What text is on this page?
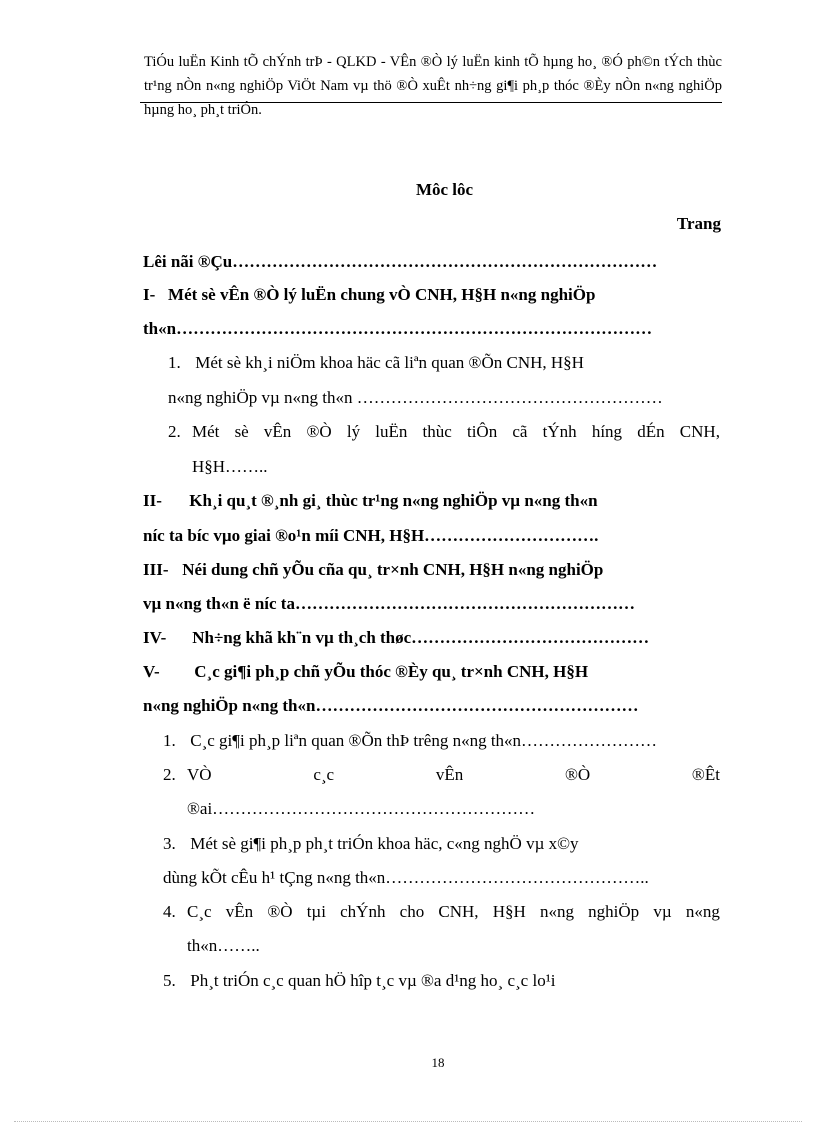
TiÓu luËn Kinh tÕ chÝnh trÞ - QLKD - VÊn ®Ò lý luËn kinh tÕ hµng ho¸ ®Ó ph©n tÝch thùc tr¹ng nÒn n«ng nghiÖp ViÖt Nam vµ thö ®Ò xuÊt nh÷ng gi¶i ph¸p thóc ®Èy nÒn n«ng nghiÖp hµng ho¸ ph¸t triÓn.
Môc lôc
Trang
Lêi nãi ®Çu…………………………………………………………………
I- Mét sè vÊn ®Ò lý luËn chung vÒ CNH, H§H n«ng nghiÖp
th«n…………………………………………………………………………
1. Mét sè kh¸i niÖm khoa häc cã liªn quan ®Õn CNH, H§H
n«ng nghiÖp vµ n«ng th«n ………………………………………………
2. Mét sè vÊn ®Ò lý luËn thùc tiÔn cã tÝnh híng dÉn CNH,
H§H……..
II- Kh¸i qu¸t ®¸nh gi¸ thùc tr¹ng n«ng nghiÖp vµ n«ng th«n
níc ta bíc vµo giai ®o¹n míi CNH, H§H………………………….
III- Néi dung chñ yÕu cña qu¸ tr×nh CNH, H§H n«ng nghiÖp
vµ n«ng th«n ë níc ta……………………………………………………
IV- Nh÷ng khã kh¨n vµ th¸ch thøc……………………………………
V- C¸c gi¶i ph¸p chñ yÕu thóc ®Èy qu¸ tr×nh CNH, H§H
n«ng nghiÖp n«ng th«n…………………………………………………
1. C¸c gi¶i ph¸p liªn quan ®Õn thÞ trêng n«ng th«n……………………
2. VÒ	c¸c	vÊn	®Ò	®Êt
®ai…………………………………………………
3. Mét sè gi¶i ph¸p ph¸t triÓn khoa häc, c«ng nghÖ vµ x©y
dùng kÕt cÊu h¹ tÇng n«ng th«n………………………………………..
4. C¸c vÊn ®Ò tµi chÝnh cho CNH, H§H n«ng nghiÖp vµ n«ng
th«n……..
5. Ph¸t triÓn c¸c quan hÖ hîp t¸c vµ ®a d¹ng ho¸ c¸c lo¹i
18
